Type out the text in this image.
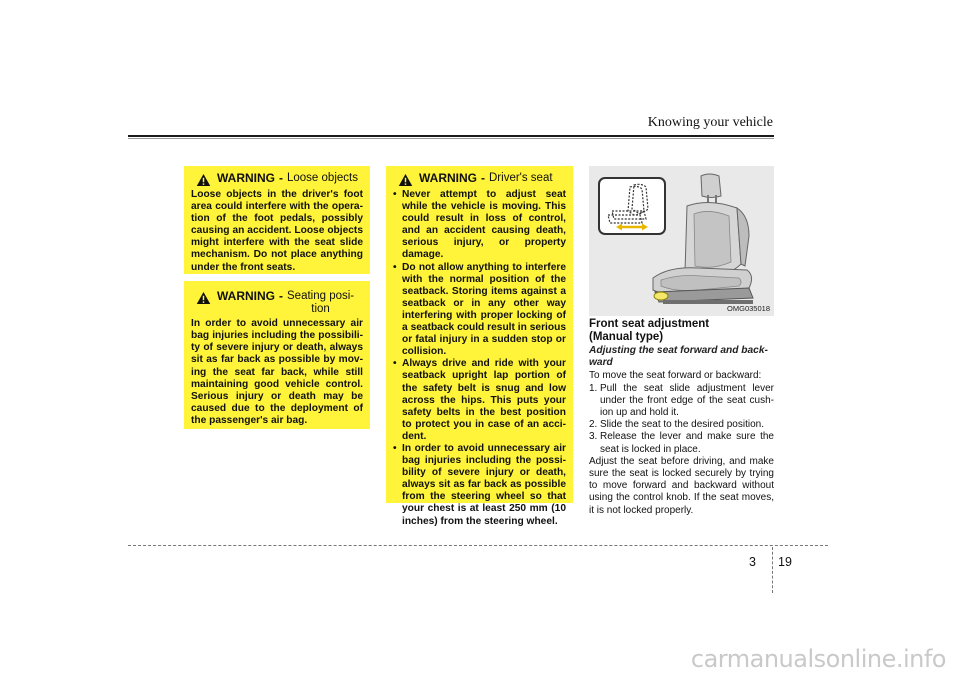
Knowing your vehicle
WARNING - Loose objects

Loose objects in the driver's foot area could interfere with the opera-tion of the foot pedals, possibly causing an accident. Loose objects might interfere with the seat slide mechanism. Do not place anything under the front seats.

WARNING - Seating posi-
tion

In order to avoid unnecessary air bag injuries including the possibili-ty of severe injury or death, always sit as far back as possible by mov-ing the seat far back, while still maintaining good vehicle control. Serious injury or death may be caused due to the deployment of the passenger's air bag.

WARNING - Driver's seat
• Never attempt to adjust seat while the vehicle is moving. This could result in loss of control, and an accident causing death, serious injury, or property damage.
• Do not allow anything to interfere with the normal position of the seatback. Storing items against a seatback or in any other way interfering with proper locking of a seatback could result in serious or fatal injury in a sudden stop or collision.
• Always drive and ride with your seatback upright lap portion of the safety belt is snug and low across the hips. This puts your safety belts in the best position to protect you in case of an acci-dent.
• In order to avoid unnecessary air bag injuries including the possi-bility of severe injury or death, always sit as far back as possible from the steering wheel so that your chest is at least 250 mm (10 inches) from the steering wheel.
OMG035018

Front seat adjustment

(Manual type)

Adjusting the seat forward and back-ward

To move the seat forward or backward:

1. Pull the seat slide adjustment lever under the front edge of the seat cush-ion up and hold it.
2. Slide the seat to the desired position.
3. Release the lever and make sure the seat is locked in place.

Adjust the seat before driving, and make sure the seat is locked securely by trying to move forward and backward without using the control knob. If the seat moves, it is not locked properly.

3 19
carmanualsonline.info
